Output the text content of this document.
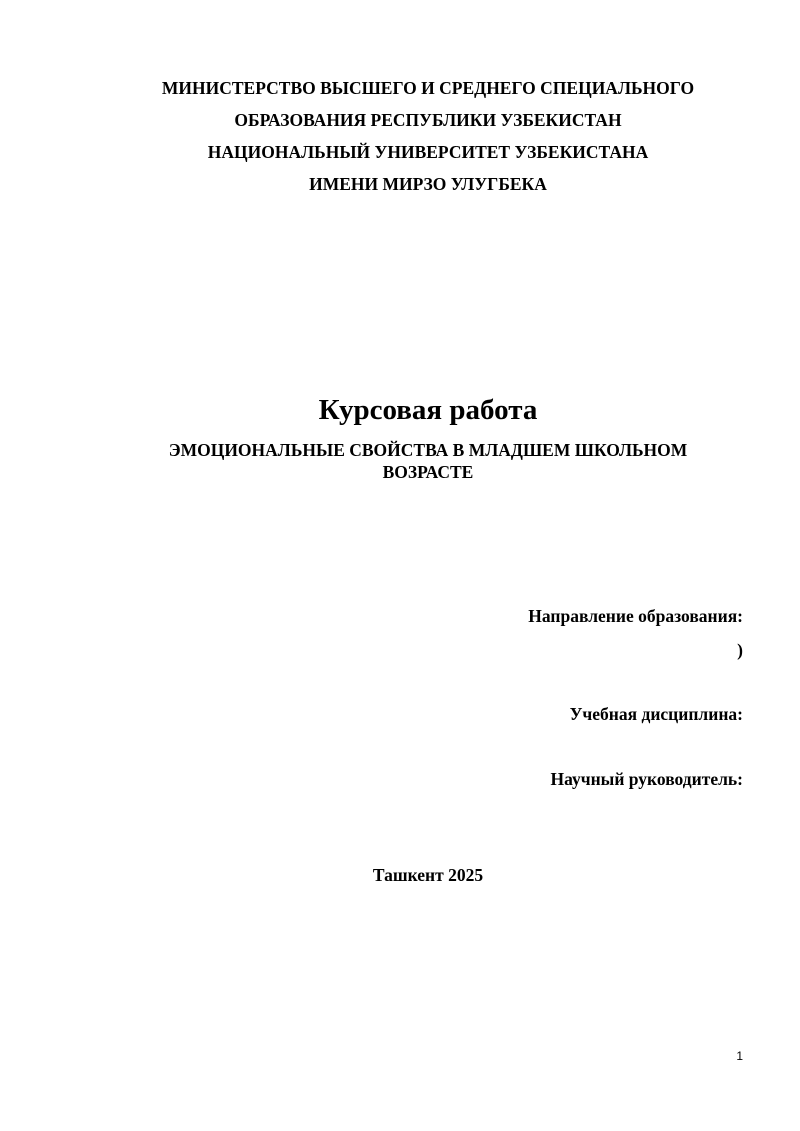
МИНИСТЕРСТВО ВЫСШЕГО И СРЕДНЕГО СПЕЦИАЛЬНОГО
ОБРАЗОВАНИЯ РЕСПУБЛИКИ УЗБЕКИСТАН
НАЦИОНАЛЬНЫЙ УНИВЕРСИТЕТ УЗБЕКИСТАНА
ИМЕНИ МИРЗО УЛУГБЕКА
Курсовая работа
ЭМОЦИОНАЛЬНЫЕ СВОЙСТВА В МЛАДШЕМ ШКОЛЬНОМ
ВОЗРАСТЕ
Направление образования:
)
Учебная дисциплина:
Научный руководитель:
Ташкент 2025
1
